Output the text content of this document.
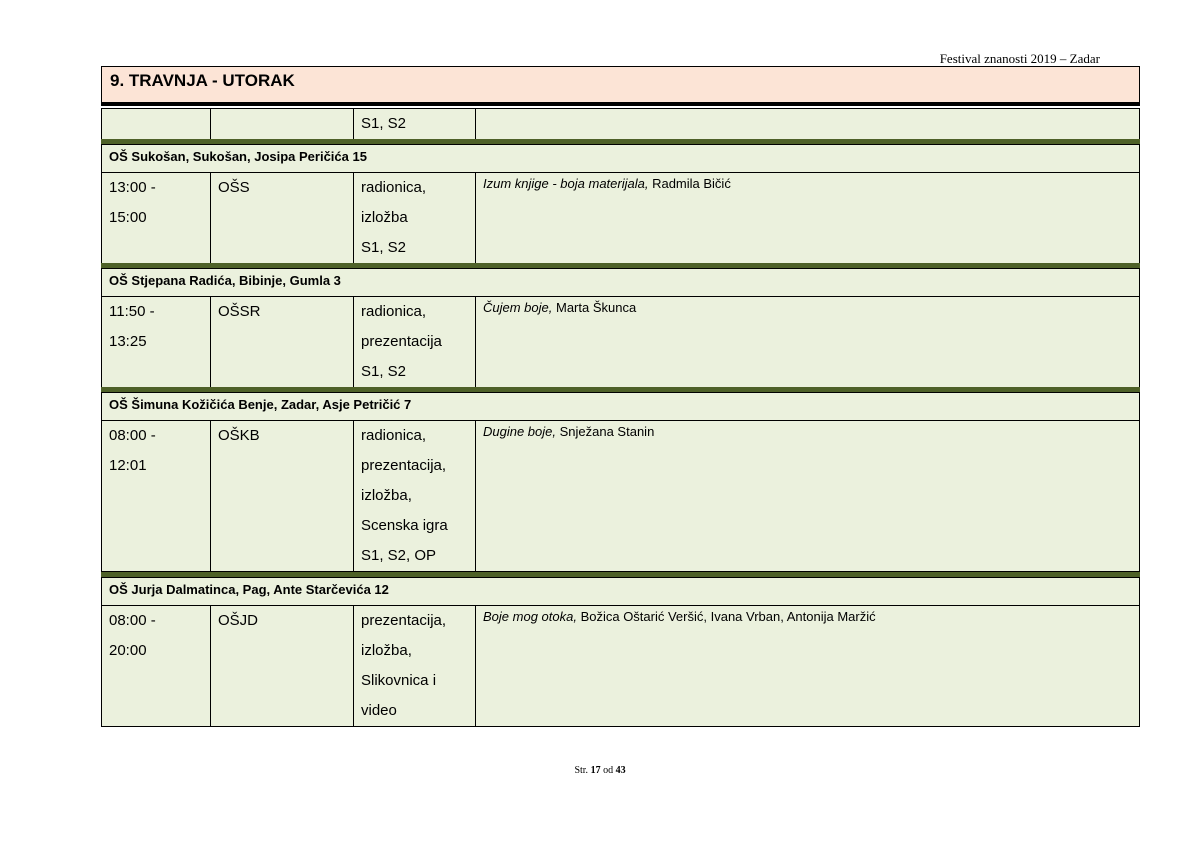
Festival znanosti 2019 – Zadar
9. TRAVNJA - UTORAK
		S1, S2	
OŠ Sukošan, Sukošan, Josipa Peričića 15

13:00 -
15:00
	OŠS	radionica,
izložba
S1, S2
	Izum knjige - boja materijala, Radmila Bičić
OŠ Stjepana Radića, Bibinje, Gumla 3

11:50 -
13:25
	OŠSR	radionica,
prezentacija
S1, S2
	Čujem boje, Marta Škunca
OŠ Šimuna Kožičića Benje, Zadar, Asje Petričić 7

08:00 -
12:01
	OŠKB	radionica,
prezentacija,
izložba,
Scenska igra
S1, S2, OP
	Dugine boje, Snježana Stanin
OŠ Jurja Dalmatinca, Pag, Ante Starčevića 12

08:00 -
20:00
	OŠJD	prezentacija,
izložba,
Slikovnica i
video
	Boje mog otoka, Božica Oštarić Veršić, Ivana Vrban, Antonija Maržić
Str. 17 od 43
